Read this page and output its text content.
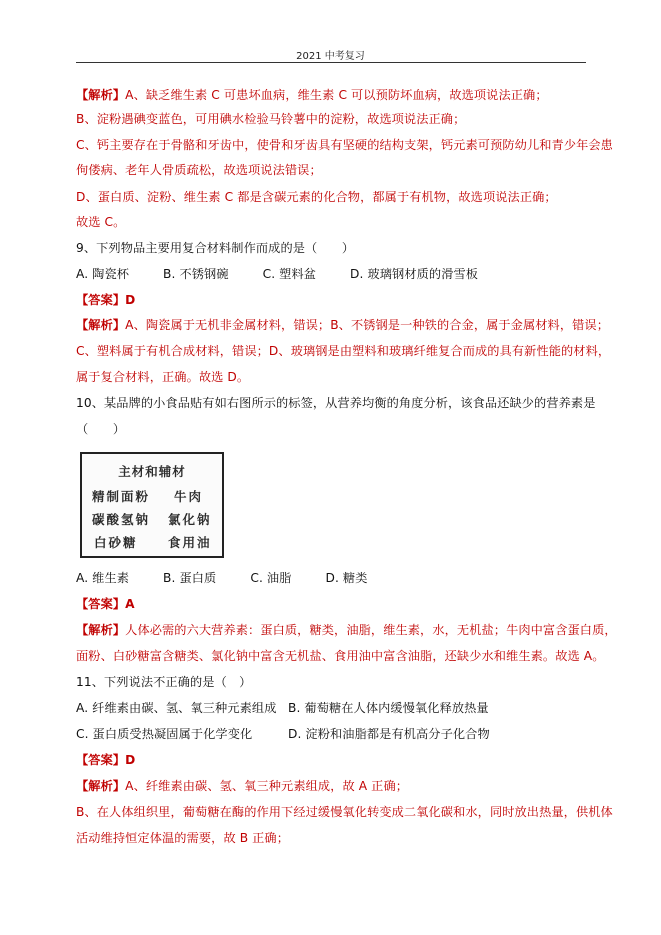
2021 中考复习
【解析】A、缺乏维生素 C 可患坏血病，维生素 C 可以预防坏血病，故选项说法正确；
B、淀粉遇碘变蓝色，可用碘水检验马铃薯中的淀粉，故选项说法正确；
C、钙主要存在于骨骼和牙齿中，使骨和牙齿具有坚硬的结构支架，钙元素可预防幼儿和青少年会患
佝偻病、老年人骨质疏松，故选项说法错误；
D、蛋白质、淀粉、维生素 C 都是含碳元素的化合物，都属于有机物，故选项说法正确；
故选 C。
9、下列物品主要用复合材料制作而成的是（　　）
A. 陶瓷杯	B. 不锈钢碗	C. 塑料盆	D. 玻璃钢材质的滑雪板
【答案】D
【解析】A、陶瓷属于无机非金属材料，错误；B、不锈钢是一种铁的合金，属于金属材料，错误；
C、塑料属于有机合成材料，错误；D、玻璃钢是由塑料和玻璃纤维复合而成的具有新性能的材料，
属于复合材料，正确。故选 D。
10、某品牌的小食品贴有如右图所示的标签，从营养均衡的角度分析，该食品还缺少的营养素是
（　　）
主材和辅材
精制面粉 牛肉
碳酸氢钠 氯化钠
白砂糖 食用油
A. 维生素	B. 蛋白质	C. 油脂	D. 糖类
【答案】A
【解析】人体必需的六大营养素：蛋白质，糖类，油脂，维生素，水，无机盐；牛肉中富含蛋白质，
面粉、白砂糖富含糖类、氯化钠中富含无机盐、食用油中富含油脂，还缺少水和维生素。故选 A。
11、下列说法不正确的是（　）
A. 纤维素由碳、氢、氧三种元素组成 B. 葡萄糖在人体内缓慢氧化释放热量
C. 蛋白质受热凝固属于化学变化	D. 淀粉和油脂都是有机高分子化合物
【答案】D
【解析】A、纤维素由碳、氢、氧三种元素组成，故 A 正确；
B、在人体组织里，葡萄糖在酶的作用下经过缓慢氧化转变成二氧化碳和水，同时放出热量，供机体
活动维持恒定体温的需要，故 B 正确；
